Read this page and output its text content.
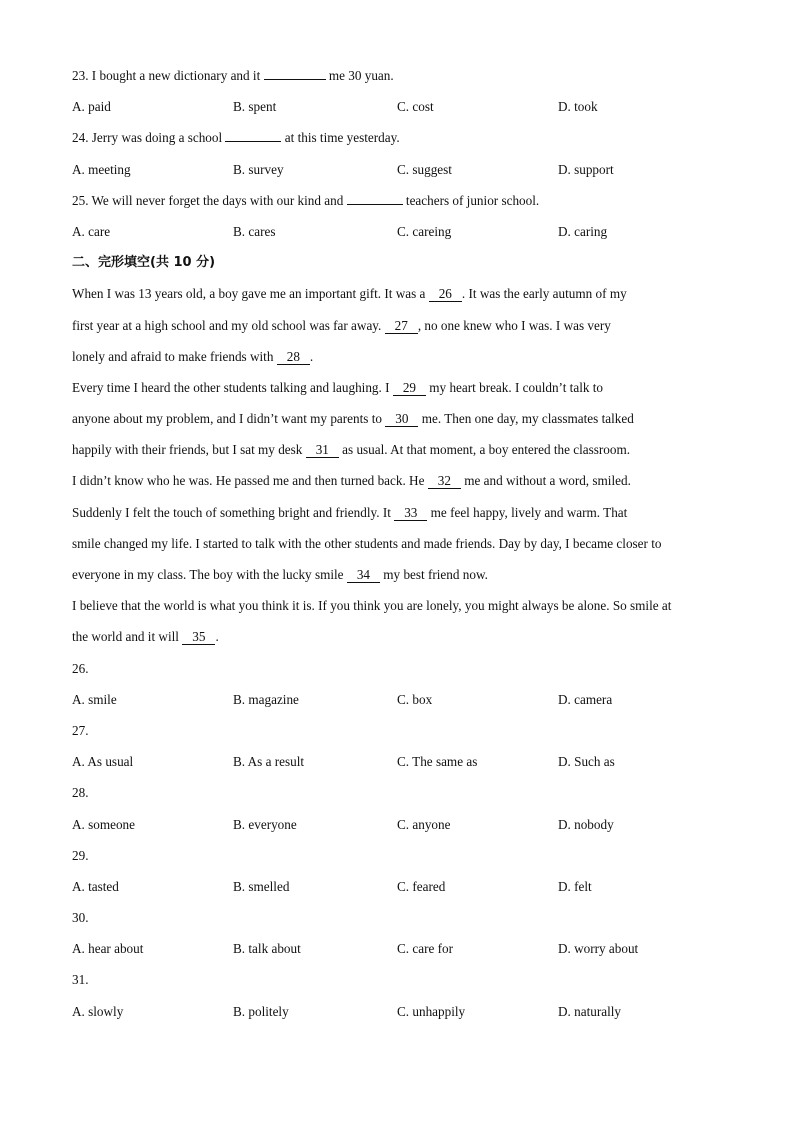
23. I bought a new dictionary and it	me 30 yuan.
A. paid	B. spent	C. cost	D. took
24. Jerry was doing a school	at this time yesterday.
A. meeting	B. survey	C. suggest	D. support
25. We will never forget the days with our kind and	teachers of junior school.
A. care	B. cares	C. careing	D. caring
二、完形填空(共 10 分)
When I was 13 years old, a boy gave me an important gift. It was a 26 . It was the early autumn of my
first year at a high school and my old school was far away. 27 , no one knew who I was. I was very
lonely and afraid to make friends with 28 .
Every time I heard the other students talking and laughing. I 29 my heart break. I couldn’t talk to
anyone about my problem, and I didn’t want my parents to 30 me. Then one day, my classmates talked
happily with their friends, but I sat my desk 31 as usual. At that moment, a boy entered the classroom.
I didn’t know who he was. He passed me and then turned back. He 32 me and without a word, smiled.
Suddenly I felt the touch of something bright and friendly. It 33 me feel happy, lively and warm. That
smile changed my life. I started to talk with the other students and made friends. Day by day, I became closer to
everyone in my class. The boy with the lucky smile 34 my best friend now.
I believe that the world is what you think it is. If you think you are lonely, you might always be alone. So smile at
the world and it will 35 .
26.
A. smile	B. magazine	C. box	D. camera
27.
A. As usual	B. As a result	C. The same as	D. Such as
28.
A. someone	B. everyone	C. anyone	D. nobody
29.
A. tasted	B. smelled	C. feared	D. felt
30.
A. hear about	B. talk about	C. care for	D. worry about
31.
A. slowly	B. politely	C. unhappily	D. naturally
